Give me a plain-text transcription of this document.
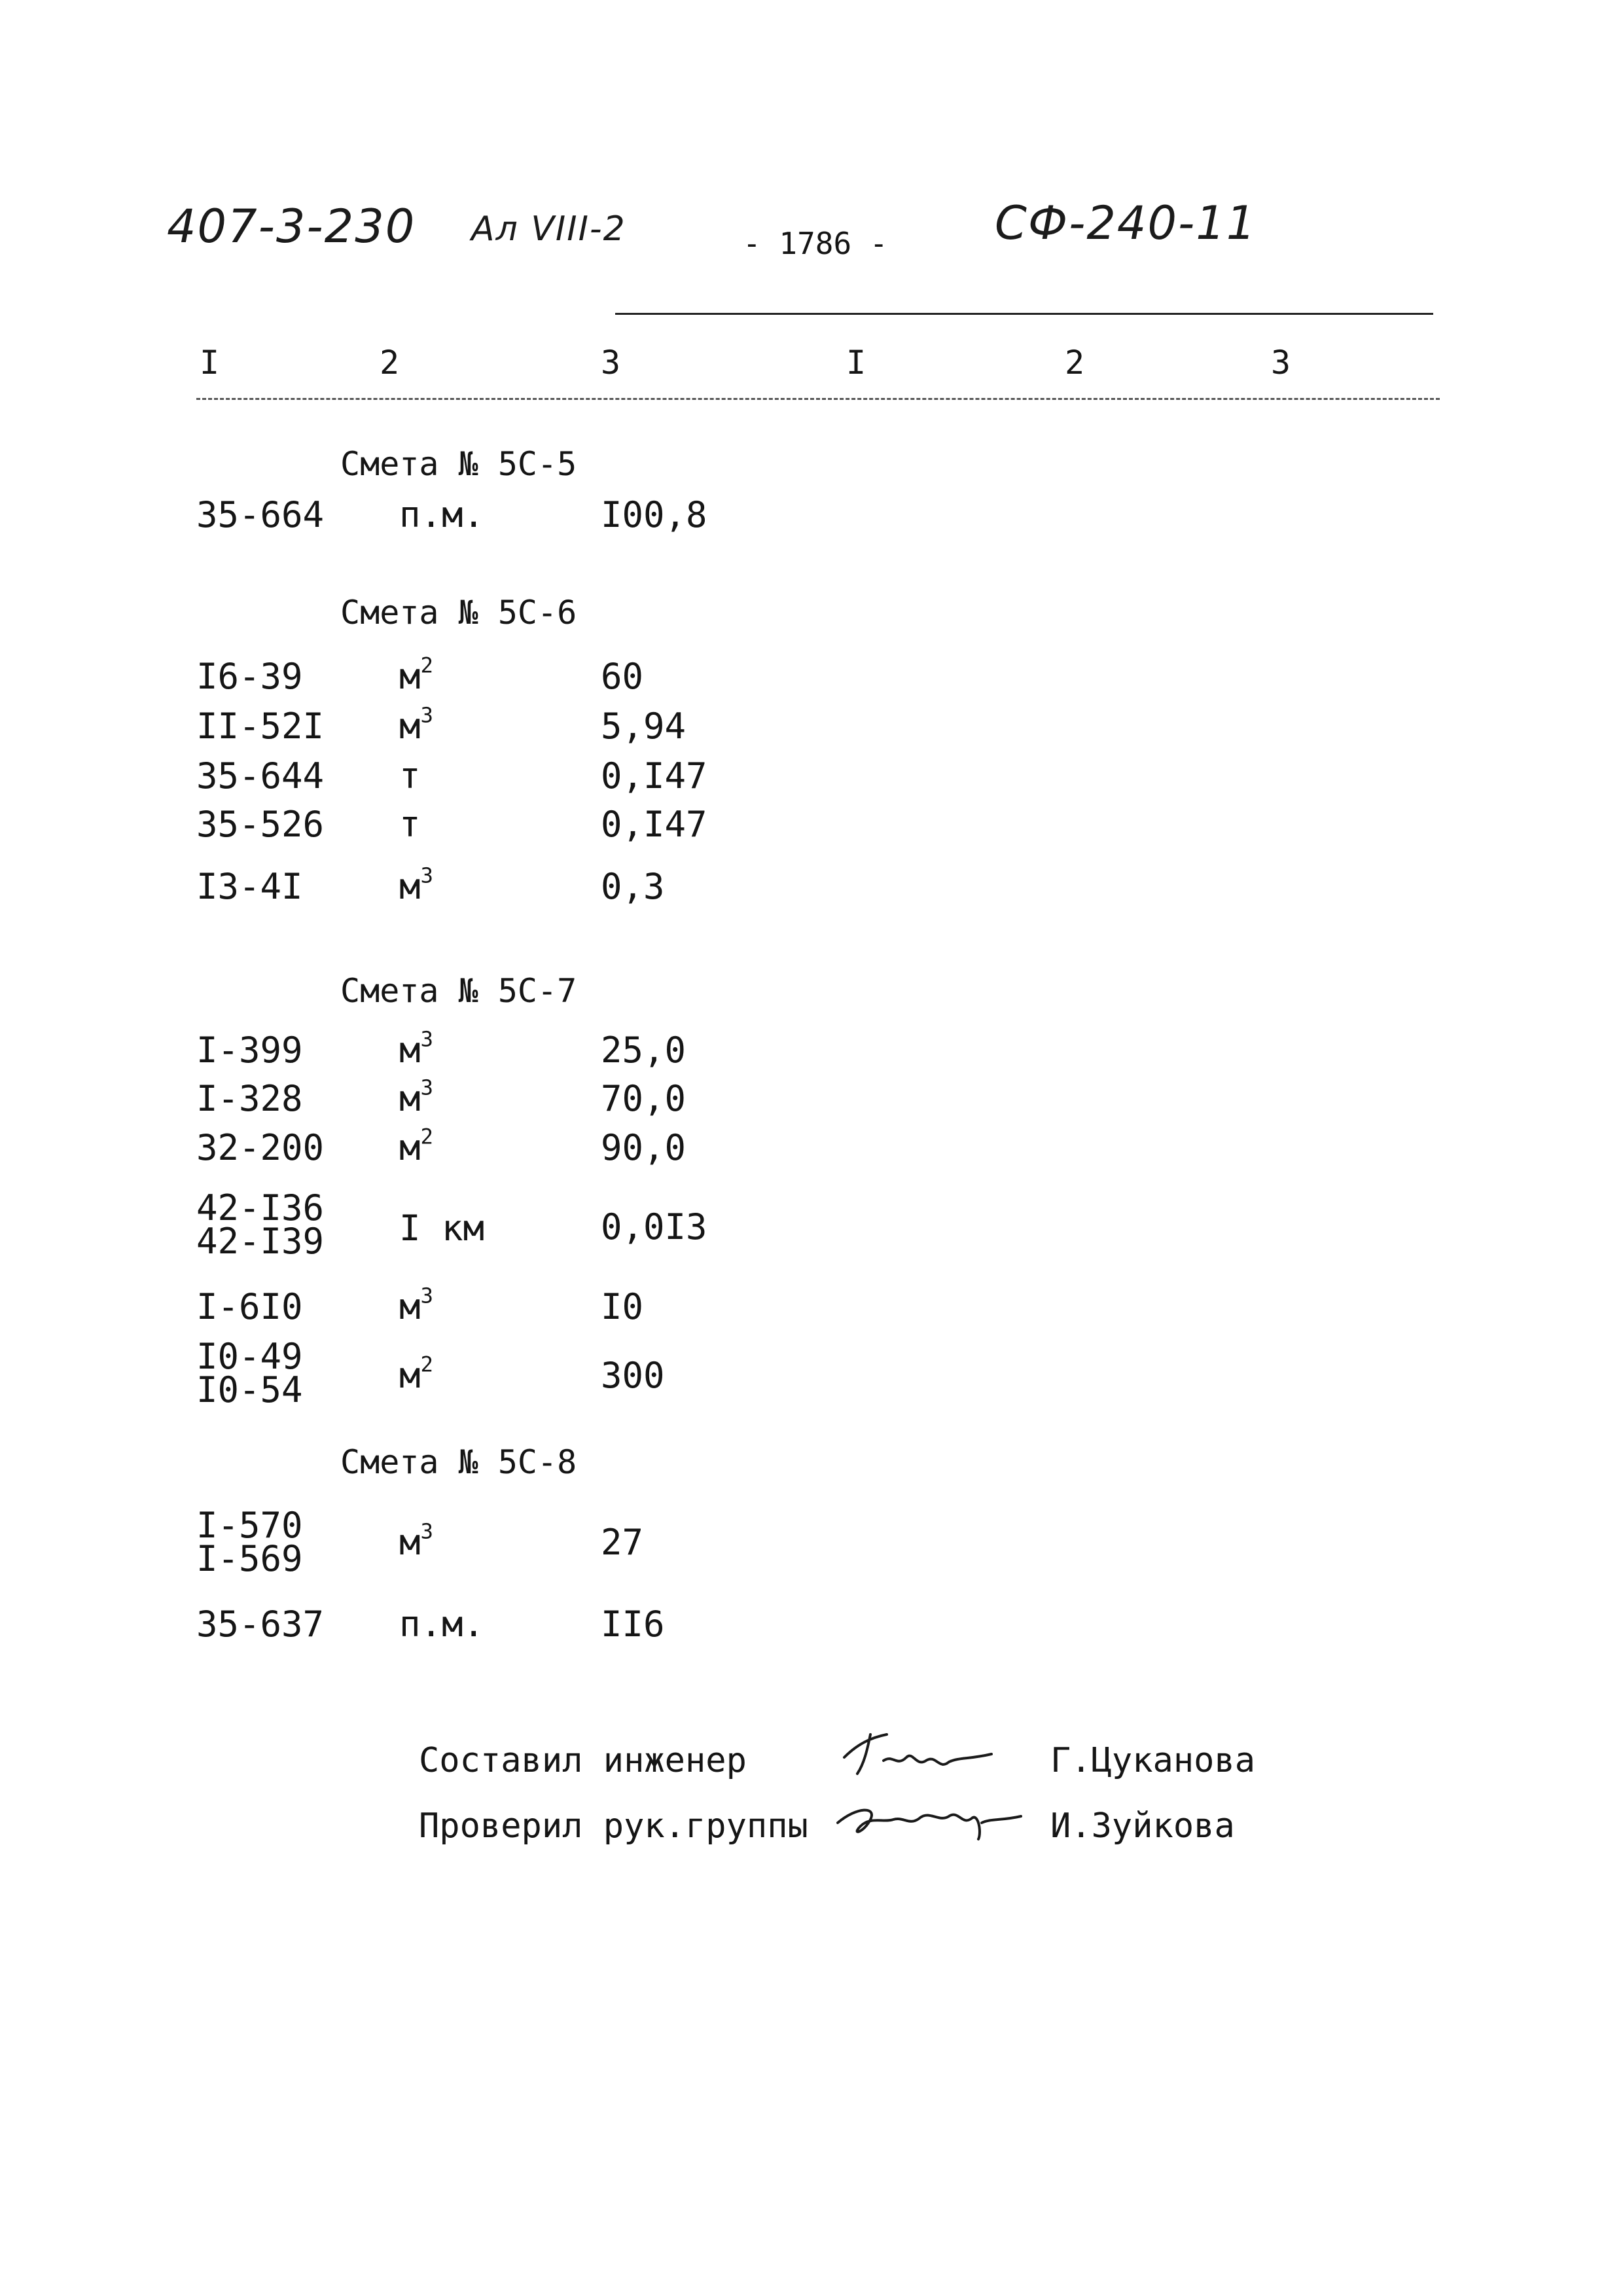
407-3-230 Ал VIII-2	- 1786 - СФ-240-11
I	2	3	I	2	3
Смета № 5С-5
35-664 п.м.	I00,8
Смета № 5С-6
I6-39	$м^2$	60
II-52I $м^3$	5,94
35-644 т	0,I47
35-526 т	0,I47
I3-4I	$м^3$	0,3
Смета № 5С-7
I-399	$м^3$	25,0
I-328	$м^3$	70,0
32-200 $м^2$	90,0
42-I36
42-I39 I км	0,0I3
I-6I0	$м^3$	I0
I0-49
I0-54	$м^2$	300
Смета № 5С-8
I-570
I-569	$м^3$	27
35-637 п.м.	II6
Составил инженер	Г.Цуканова
Проверил рук.группы	И.Зуйкова
